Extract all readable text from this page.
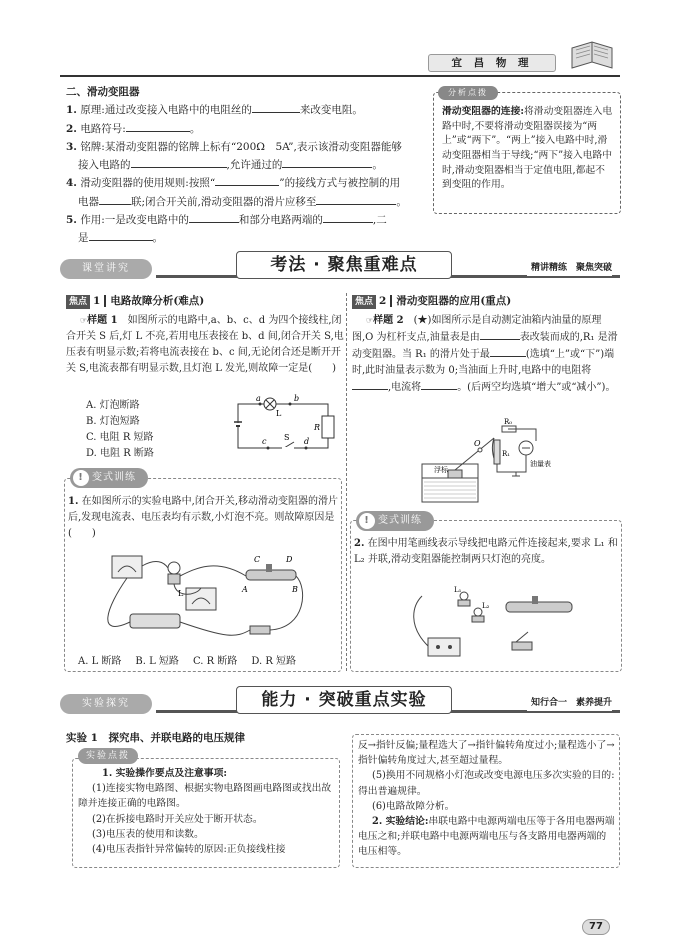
宜 昌 物 理

二、滑动变阻器

1. 原理:通过改变接入电路中的电阻丝的	来改变电阻。

2. 电路符号:	。

3. 铭牌:某滑动变阻器的铭牌上标有“200Ω　5A”,表示该滑动变阻器能够

接入电路的	,允许通过的	。

4. 滑动变阻器的使用规则:按照“	”的接线方式与被控制的用

电器	联;闭合开关前,滑动变阻器的滑片应移至	。

5. 作用:一是改变电路中的	和部分电路两端的	,二

是	。

滑动变阻器的连接:将滑动变阻器连入电路中时,不要将滑动变阻器误接为“两上”或“两下”。“两上”接入电路中时,滑动变阻器相当于导线;“两下”接入电路中时,滑动变阻器相当于定值电阻,都起不到变阻的作用。
分析点拨
课堂讲究	考法 · 聚焦重难点	精讲精练　聚焦突破
焦点 1 电路故障分析(难点)

☞样题 1　 如图所示的电路中,a、b、c、d 为四个接线柱,闭合开关 S 后,灯 L 不亮,若用电压表接在 b、d 间,闭合开关 S,电压表有明显示数;若将电流表接在 b、c 间,无论闭合还是断开开关 S,电流表都有明显示数,且灯泡 L 发光,则故障一定是(　　)

A. 灯泡断路

B. 灯泡短路

C. 电阻 R 短路

D. 电阻 R 断路

a
L
b
c S d
R
! 变式训练

1. 在如图所示的实验电路中,闭合开关,移动滑动变阻器的滑片后,发现电流表、电压表均有示数,小灯泡不亮。则故障原因是(　　)

L
C	D
A	B
A. L 断路 B. L 短路 C. R 断路 D. R 短路
焦点 2 滑动变阻器的应用(重点)

☞样题 2　 (★)如图所示是自动测定油箱内油量的原理图,O 为杠杆支点,油量表是由	表改装而成的,R₁ 是滑动变阻器。当 R₁ 的滑片处于最	(选填“上”或“下”)端时,此时油量表示数为 0;当油面上升时,电路中的电阻将,电流将	。(后两空均选填“增大”或“减小”)。

O
R₀
R₁
油量表
浮标
! 变式训练

2. 在图中用笔画线表示导线把电路元件连接起来,要求 L₁ 和 L₂ 并联,滑动变阻器能控制两只灯泡的亮度。

L₁
L₂
实验探究	能力 · 突破重点实验	知行合一　素养提升
实验 1　探究串、并联电路的电压规律
实验点拨

1. 实验操作要点及注意事项:

(1)连接实物电路图、根据实物电路图画电路图或找出故障并连接正确的电路图。

(2)在拆接电路时开关应处于断开状态。

(3)电压表的使用和读数。

(4)电压表指针异常偏转的原因:正负接线柱接

反→指针反偏;量程选大了→指针偏转角度过小;量程选小了→指针偏转角度过大,甚至超过量程。

(5)换用不同规格小灯泡或改变电源电压多次实验的目的:得出普遍规律。

(6)电路故障分析。

2. 实验结论:串联电路中电源两端电压等于各用电器两端电压之和;并联电路中电源两端电压与各支路用电器两端的电压相等。

77
